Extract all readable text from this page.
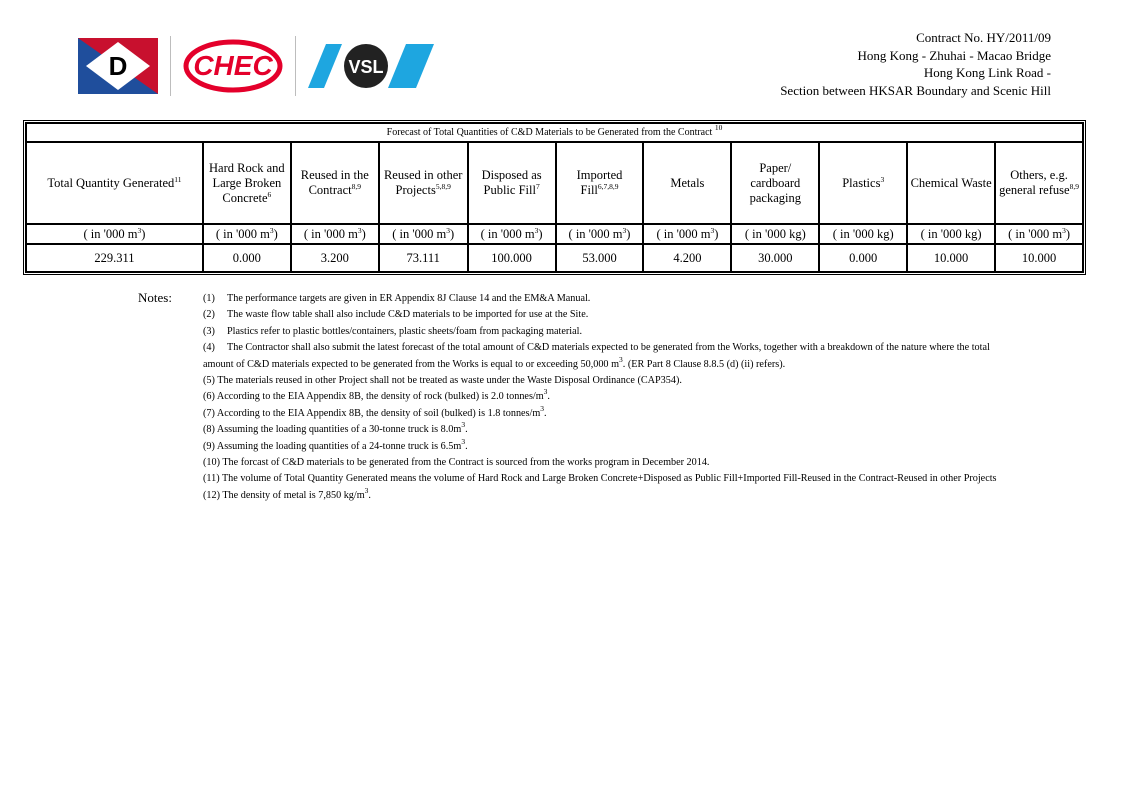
D CHEC	VSL
Contract No. HY/2011/09
Hong Kong - Zhuhai - Macao Bridge
Hong Kong Link Road -
Section between HKSAR Boundary and Scenic Hill
Forecast of Total Quantities of C&D Materials to be Generated from the Contract $^{10}$
Total Quantity Generated$^{11}$	Hard Rock and Large Broken Concrete$^6$	Reused in the Contract$^{8,9}$	Reused in other Projects$^{5,8,9}$	Disposed as Public Fill$^7$	Imported Fill$^{6,7,8,9}$	Metals	Paper/ cardboard packaging	Plastics$^3$	Chemical Waste	Others, e.g. general refuse$^{8,9}$
( in '000 $m^3$)	( in '000 $m^3$)	( in '000 $m^3$)	( in '000 $m^3$)	( in '000 $m^3$)	( in '000 $m^3$)	( in '000 $m^3$)	( in '000 kg)	( in '000 kg)	( in '000 kg)	( in '000 $m^3$)
229.311	0.000	3.200	73.111	100.000	53.000	4.200	30.000	0.000	10.000	10.000
Notes:	(1) The performance targets are given in ER Appendix 8J Clause 14 and the EM&A Manual.
(2) The waste flow table shall also include C&D materials to be imported for use at the Site.
(3) Plastics refer to plastic bottles/containers, plastic sheets/foam from packaging material.
(4) The Contractor shall also submit the latest forecast of the total amount of C&D materials expected to be generated from the Works, together with a breakdown of the nature where the total
amount of C&D materials expected to be generated from the Works is equal to or exceeding 50,000 $m^3$. (ER Part 8 Clause 8.8.5 (d) (ii) refers).
(5) The materials reused in other Project shall not be treated as waste under the Waste Disposal Ordinance (CAP354).
(6) According to the EIA Appendix 8B, the density of rock (bulked) is 2.0 tonnes/$m^3$.
(7) According to the EIA Appendix 8B, the density of soil (bulked) is 1.8 tonnes/$m^3$.
(8) Assuming the loading quantities of a 30-tonne truck is $8.0m^3$.
(9) Assuming the loading quantities of a 24-tonne truck is $6.5m^3$.
(10) The forcast of C&D materials to be generated from the Contract is sourced from the works program in December 2014.
(11) The volume of Total Quantity Generated means the volume of Hard Rock and Large Broken Concrete+Disposed as Public Fill+Imported Fill-Reused in the Contract-Reused in other Projects
(12) The density of metal is 7,850 $kg/m^3$.
